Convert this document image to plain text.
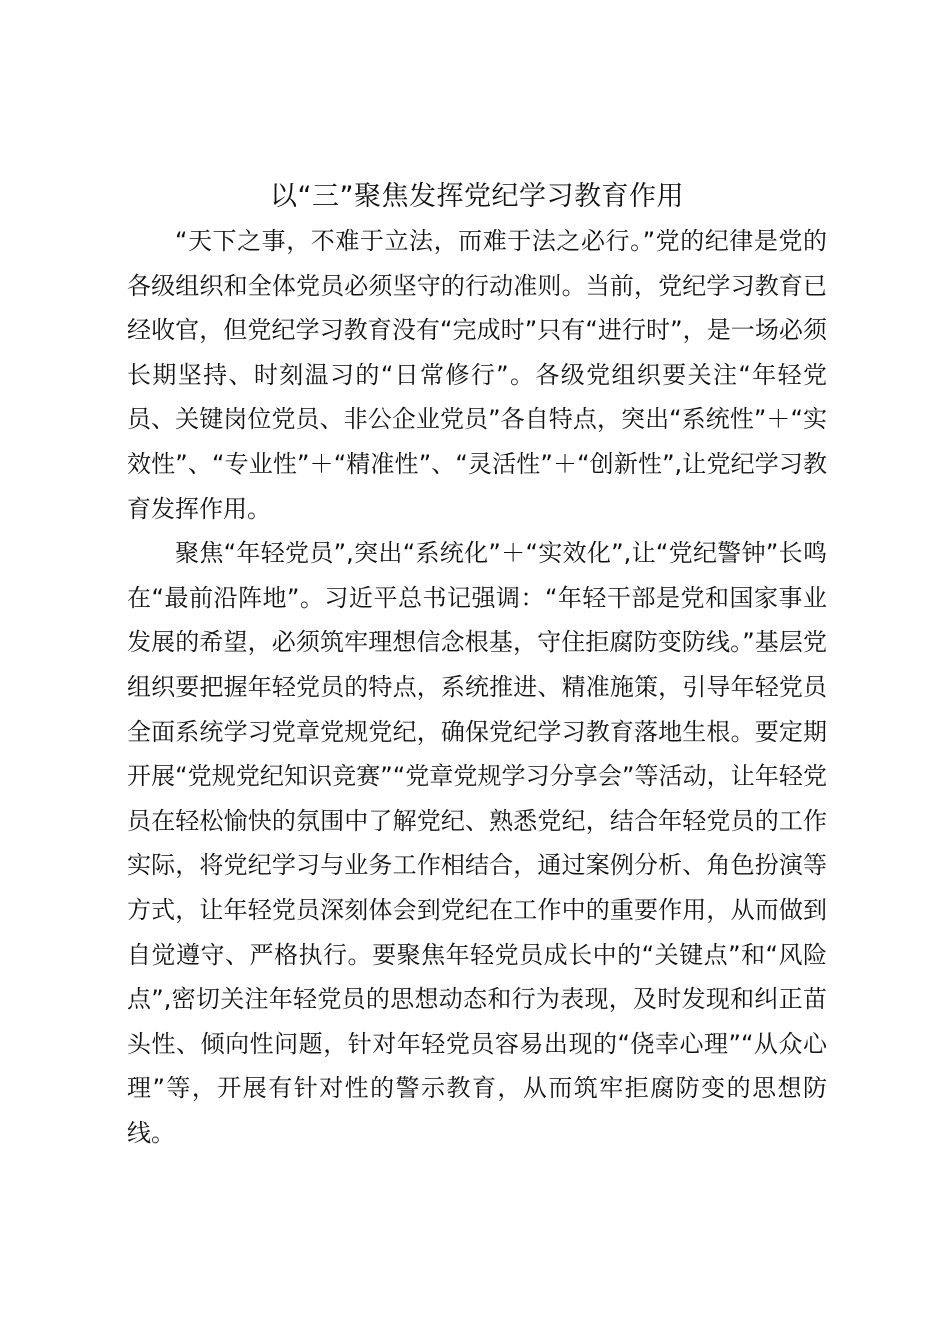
以“三”聚焦发挥党纪学习教育作用

“天下之事，不难于立法，而难于法之必行。”党的纪律是党的各级组织和全体党员必须坚守的行动准则。当前，党纪学习教育已经收官，但党纪学习教育没有“完成时”只有“进行时”，是一场必须长期坚持、时刻温习的“日常修行”。各级党组织要关注“年轻党员、关键岗位党员、非公企业党员”各自特点，突出“系统性”＋“实效性”、“专业性”＋“精准性”、“灵活性”＋“创新性”,让党纪学习教育发挥作用。

聚焦“年轻党员”,突出“系统化”＋“实效化”,让“党纪警钟”长鸣在“最前沿阵地”。习近平总书记强调：“年轻干部是党和国家事业发展的希望，必须筑牢理想信念根基，守住拒腐防变防线。”基层党组织要把握年轻党员的特点，系统推进、精准施策，引导年轻党员全面系统学习党章党规党纪，确保党纪学习教育落地生根。要定期开展“党规党纪知识竞赛”“党章党规学习分享会”等活动，让年轻党员在轻松愉快的氛围中了解党纪、熟悉党纪，结合年轻党员的工作实际，将党纪学习与业务工作相结合，通过案例分析、角色扮演等方式，让年轻党员深刻体会到党纪在工作中的重要作用，从而做到自觉遵守、严格执行。要聚焦年轻党员成长中的“关键点”和“风险点”,密切关注年轻党员的思想动态和行为表现，及时发现和纠正苗头性、倾向性问题，针对年轻党员容易出现的“侥幸心理”“从众心理”等，开展有针对性的警示教育，从而筑牢拒腐防变的思想防线。
